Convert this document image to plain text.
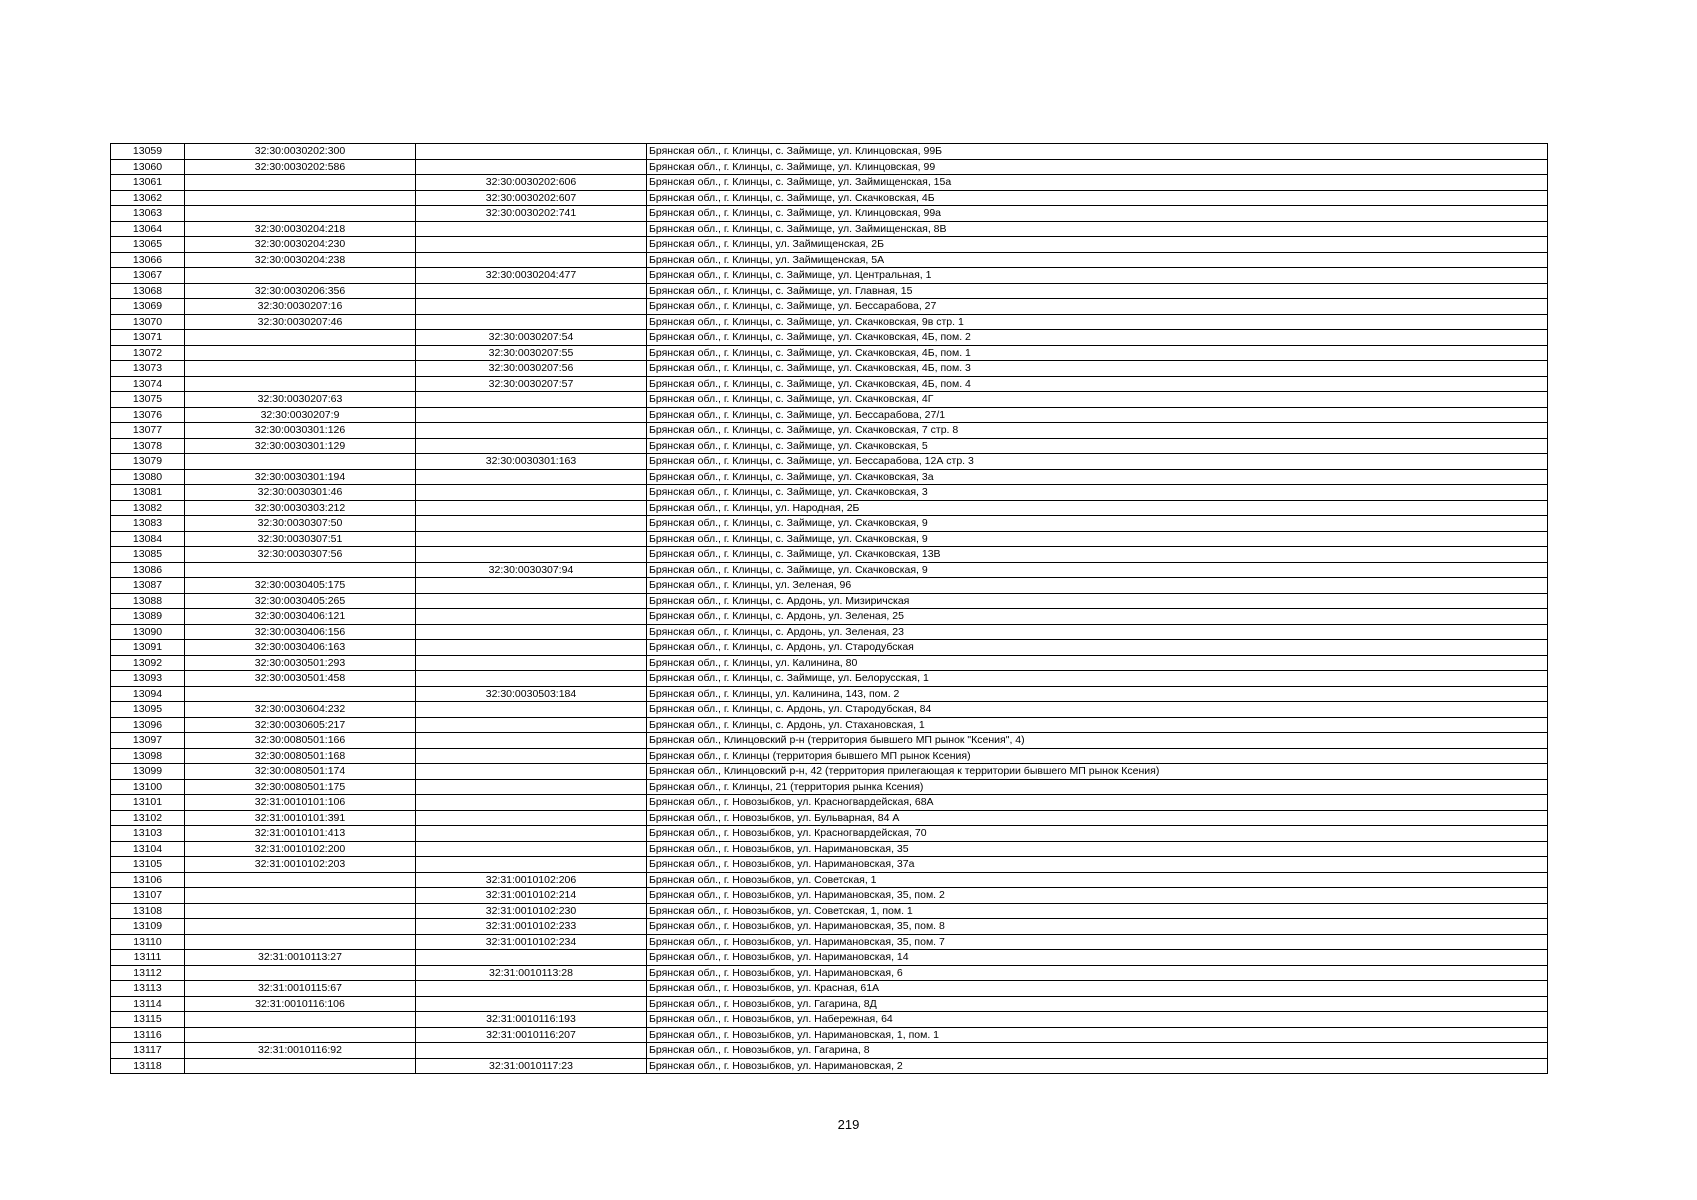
13059	32:30:0030202:300		Брянская обл., г. Клинцы, с. Займище, ул. Клинцовская, 99Б
13060	32:30:0030202:586		Брянская обл., г. Клинцы, с. Займище, ул. Клинцовская, 99
13061		32:30:0030202:606	Брянская обл., г. Клинцы, с. Займище, ул. Займищенская, 15а
13062		32:30:0030202:607	Брянская обл., г. Клинцы, с. Займище, ул. Скачковская, 4Б
13063		32:30:0030202:741	Брянская обл., г. Клинцы, с. Займище, ул. Клинцовская, 99а
13064	32:30:0030204:218		Брянская обл., г. Клинцы, с. Займище, ул. Займищенская, 8В
13065	32:30:0030204:230		Брянская обл., г. Клинцы, ул. Займищенская, 2Б
13066	32:30:0030204:238		Брянская обл., г. Клинцы, ул. Займищенская, 5А
13067		32:30:0030204:477	Брянская обл., г. Клинцы, с. Займище, ул. Центральная, 1
13068	32:30:0030206:356		Брянская обл., г. Клинцы, с. Займище, ул. Главная, 15
13069	32:30:0030207:16		Брянская обл., г. Клинцы, с. Займище, ул. Бессарабова, 27
13070	32:30:0030207:46		Брянская обл., г. Клинцы, с. Займище, ул. Скачковская, 9в стр. 1
13071		32:30:0030207:54	Брянская обл., г. Клинцы, с. Займище, ул. Скачковская, 4Б, пом. 2
13072		32:30:0030207:55	Брянская обл., г. Клинцы, с. Займище, ул. Скачковская, 4Б, пом. 1
13073		32:30:0030207:56	Брянская обл., г. Клинцы, с. Займище, ул. Скачковская, 4Б, пом. 3
13074		32:30:0030207:57	Брянская обл., г. Клинцы, с. Займище, ул. Скачковская, 4Б, пом. 4
13075	32:30:0030207:63		Брянская обл., г. Клинцы, с. Займище, ул. Скачковская, 4Г
13076	32:30:0030207:9		Брянская обл., г. Клинцы, с. Займище, ул. Бессарабова, 27/1
13077	32:30:0030301:126		Брянская обл., г. Клинцы, с. Займище, ул. Скачковская, 7 стр. 8
13078	32:30:0030301:129		Брянская обл., г. Клинцы, с. Займище, ул. Скачковская, 5
13079		32:30:0030301:163	Брянская обл., г. Клинцы, с. Займище, ул. Бессарабова, 12А стр. 3
13080	32:30:0030301:194		Брянская обл., г. Клинцы, с. Займище, ул. Скачковская, 3а
13081	32:30:0030301:46		Брянская обл., г. Клинцы, с. Займище, ул. Скачковская, 3
13082	32:30:0030303:212		Брянская обл., г. Клинцы, ул. Народная, 2Б
13083	32:30:0030307:50		Брянская обл., г. Клинцы, с. Займище, ул. Скачковская, 9
13084	32:30:0030307:51		Брянская обл., г. Клинцы, с. Займище, ул. Скачковская, 9
13085	32:30:0030307:56		Брянская обл., г. Клинцы, с. Займище, ул. Скачковская, 13В
13086		32:30:0030307:94	Брянская обл., г. Клинцы, с. Займище, ул. Скачковская, 9
13087	32:30:0030405:175		Брянская обл., г. Клинцы, ул. Зеленая, 96
13088	32:30:0030405:265		Брянская обл., г. Клинцы, с. Ардонь, ул. Мизиричская
13089	32:30:0030406:121		Брянская обл., г. Клинцы, с. Ардонь, ул. Зеленая, 25
13090	32:30:0030406:156		Брянская обл., г. Клинцы, с. Ардонь, ул. Зеленая, 23
13091	32:30:0030406:163		Брянская обл., г. Клинцы, с. Ардонь, ул. Стародубская
13092	32:30:0030501:293		Брянская обл., г. Клинцы, ул. Калинина, 80
13093	32:30:0030501:458		Брянская обл., г. Клинцы, с. Займище, ул. Белорусская, 1
13094		32:30:0030503:184	Брянская обл., г. Клинцы, ул. Калинина, 143, пом. 2
13095	32:30:0030604:232		Брянская обл., г. Клинцы, с. Ардонь, ул. Стародубская, 84
13096	32:30:0030605:217		Брянская обл., г. Клинцы, с. Ардонь, ул. Стахановская, 1
13097	32:30:0080501:166		Брянская обл., Клинцовский р-н (территория бывшего МП рынок "Ксения", 4)
13098	32:30:0080501:168		Брянская обл., г. Клинцы (территория бывшего МП рынок Ксения)
13099	32:30:0080501:174		Брянская обл., Клинцовский р-н, 42 (территория прилегающая к территории бывшего МП рынок Ксения)
13100	32:30:0080501:175		Брянская обл., г. Клинцы, 21 (территория рынка Ксения)
13101	32:31:0010101:106		Брянская обл., г. Новозыбков, ул. Красногвардейская, 68А
13102	32:31:0010101:391		Брянская обл., г. Новозыбков, ул. Бульварная, 84 А
13103	32:31:0010101:413		Брянская обл., г. Новозыбков, ул. Красногвардейская, 70
13104	32:31:0010102:200		Брянская обл., г. Новозыбков, ул. Наримановская, 35
13105	32:31:0010102:203		Брянская обл., г. Новозыбков, ул. Наримановская, 37а
13106		32:31:0010102:206	Брянская обл., г. Новозыбков, ул. Советская, 1
13107		32:31:0010102:214	Брянская обл., г. Новозыбков, ул. Наримановская, 35, пом. 2
13108		32:31:0010102:230	Брянская обл., г. Новозыбков, ул. Советская, 1, пом. 1
13109		32:31:0010102:233	Брянская обл., г. Новозыбков, ул. Наримановская, 35, пом. 8
13110		32:31:0010102:234	Брянская обл., г. Новозыбков, ул. Наримановская, 35, пом. 7
13111	32:31:0010113:27		Брянская обл., г. Новозыбков, ул. Наримановская, 14
13112		32:31:0010113:28	Брянская обл., г. Новозыбков, ул. Наримановская, 6
13113	32:31:0010115:67		Брянская обл., г. Новозыбков, ул. Красная, 61А
13114	32:31:0010116:106		Брянская обл., г. Новозыбков, ул. Гагарина, 8Д
13115		32:31:0010116:193	Брянская обл., г. Новозыбков, ул. Набережная, 64
13116		32:31:0010116:207	Брянская обл., г. Новозыбков, ул. Наримановская, 1, пом. 1
13117	32:31:0010116:92		Брянская обл., г. Новозыбков, ул. Гагарина, 8
13118		32:31:0010117:23	Брянская обл., г. Новозыбков, ул. Наримановская, 2
219
